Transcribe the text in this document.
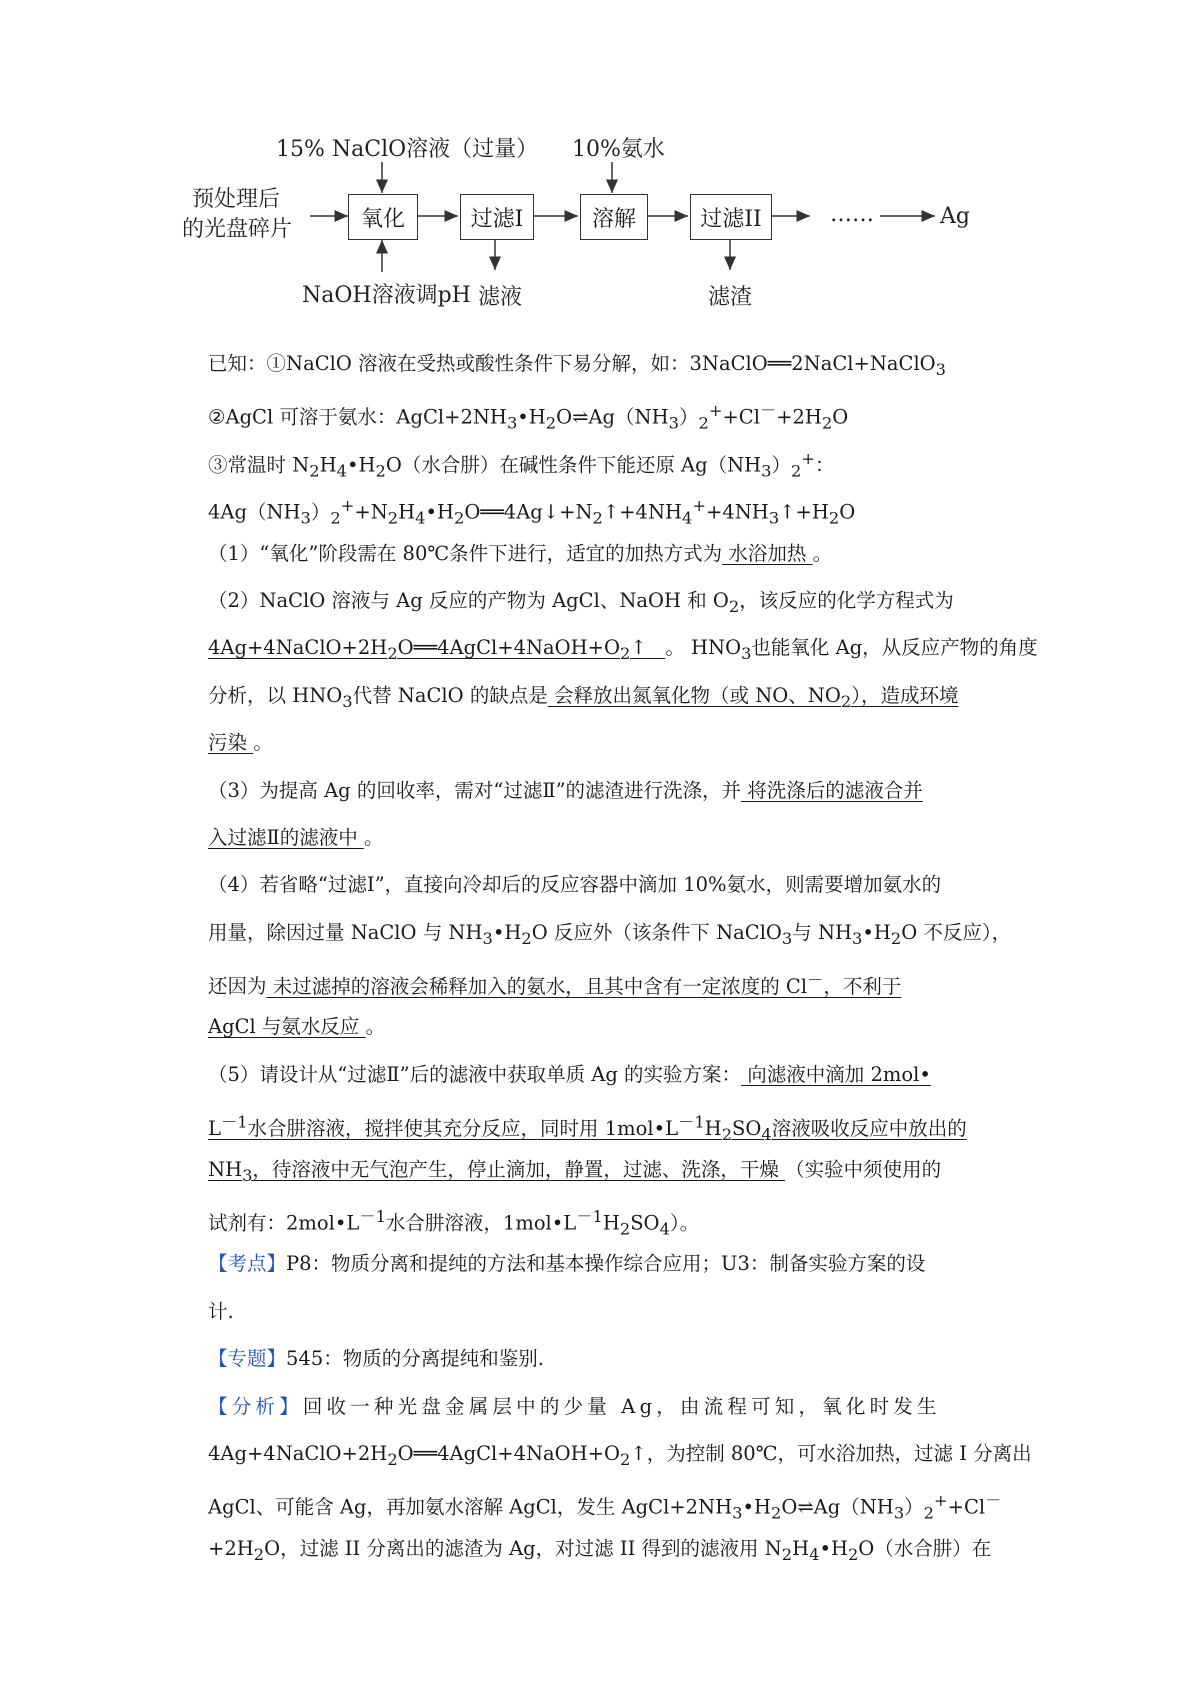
预处理后
的光盘碎片
15% NaClO溶液（过量） 10%氨水
NaOH溶液调pH
氧化	过滤I	溶解	过滤II
滤液	滤渣
……	Ag
已知：①NaClO 溶液在受热或酸性条件下易分解，如：3NaClO══2NaCl+NaClO$_3$
②AgCl 可溶于氨水：$AgCl+2NH_3•H_2O\rightleftharpoons Ag(NH_3)_2^++Cl^-+2H_2O$
③常温时 $N_2H_4•H_2O$（水合肼）在碱性条件下能还原 $Ag(NH_3)_2^+$：
$4Ag(NH_3)_2^++N_2H_4•H_2O══4Ag↓+N_2↑+4NH_4^++4NH_3↑+H_2O$
（1）“氧化”阶段需在 80℃条件下进行，适宜的加热方式为 水浴加热 。
（2）NaClO 溶液与 Ag 反应的产物为 AgCl、NaOH 和 $O_2$，该反应的化学方程式为
$4Ag+4NaClO+2H_2O══4AgCl+4NaOH+O_2↑$ 。 $HNO_3$也能氧化 Ag，从反应产物的角度
分析，以 $HNO_3$代替 NaClO 的缺点是 会释放出氮氧化物（或 NO、$NO_2$），造成环境
污染 。
（3）为提高 Ag 的回收率，需对“过滤Ⅱ”的滤渣进行洗涤，并 将洗涤后的滤液合并
入过滤Ⅱ的滤液中 。
（4）若省略“过滤Ⅰ”，直接向冷却后的反应容器中滴加 10%氨水，则需要增加氨水的
用量，除因过量 NaClO 与 $NH_3•H_2O$ 反应外（该条件下 NaClO$_3$与 $NH_3•H_2O$ 不反应），
还因为 未过滤掉的溶液会稀释加入的氨水，且其中含有一定浓度的 Cl－，不利于
AgCl 与氨水反应 。
（5）请设计从“过滤Ⅱ”后的滤液中获取单质 Ag 的实验方案： 向滤液中滴加 2mol•
$L^{-1}$水合肼溶液，搅拌使其充分反应，同时用 $1mol•L^{-1}H_2SO_4$溶液吸收反应中放出的
$NH_3$，待溶液中无气泡产生，停止滴加，静置，过滤、洗涤，干燥 （实验中须使用的
试剂有：$2mol•L^{-1}$水合肼溶液，$1mol•L^{-1}H_2SO_4$）。
【考点】P8：物质分离和提纯的方法和基本操作综合应用；U3：制备实验方案的设
计.
【专题】545：物质的分离提纯和鉴别.
【分析】回收一种光盘金属层中的少量 Ag，由流程可知，氧化时发生
$4Ag+4NaClO+2H_2O══4AgCl+4NaOH+O_2↑$，为控制 80℃，可水浴加热，过滤 I 分离出
AgCl、可能含 Ag，再加氨水溶解 AgCl，发生 $AgCl+2NH_3•H_2O\rightleftharpoons Ag(NH_3)_2^++Cl^-$
$+2H_2O$，过滤 II 分离出的滤渣为 Ag，对过滤 II 得到的滤液用 $N_2H_4•H_2O$（水合肼）在
